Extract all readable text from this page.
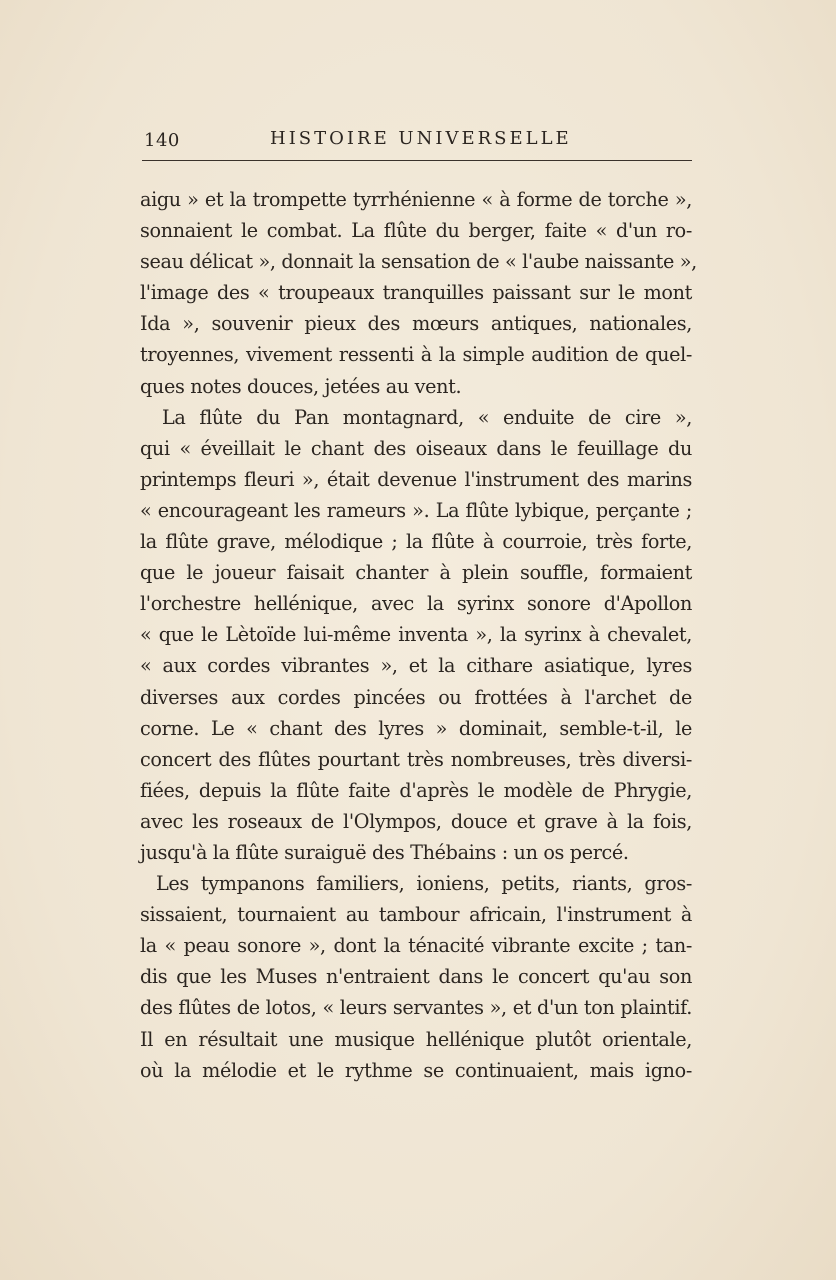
140	HISTOIRE UNIVERSELLE
aigu » et la trompette tyrrhénienne « à forme de torche »,
sonnaient le combat. La flûte du berger, faite « d'un ro-
seau délicat », donnait la sensation de « l'aube naissante »,
l'image des « troupeaux tranquilles paissant sur le mont
Ida », souvenir pieux des mœurs antiques, nationales,
troyennes, vivement ressenti à la simple audition de quel-
ques notes douces, jetées au vent.
La flûte du Pan montagnard, « enduite de cire »,
qui « éveillait le chant des oiseaux dans le feuillage du
printemps fleuri », était devenue l'instrument des marins
« encourageant les rameurs ». La flûte lybique, perçante ;
la flûte grave, mélodique ; la flûte à courroie, très forte,
que le joueur faisait chanter à plein souffle, formaient
l'orchestre hellénique, avec la syrinx sonore d'Apollon
« que le Lètoïde lui-même inventa », la syrinx à chevalet,
« aux cordes vibrantes », et la cithare asiatique, lyres
diverses aux cordes pincées ou frottées à l'archet de
corne. Le « chant des lyres » dominait, semble-t-il, le
concert des flûtes pourtant très nombreuses, très diversi-
fiées, depuis la flûte faite d'après le modèle de Phrygie,
avec les roseaux de l'Olympos, douce et grave à la fois,
jusqu'à la flûte suraiguë des Thébains : un os percé.
Les tympanons familiers, ioniens, petits, riants, gros-
sissaient, tournaient au tambour africain, l'instrument à
la « peau sonore », dont la ténacité vibrante excite ; tan-
dis que les Muses n'entraient dans le concert qu'au son
des flûtes de lotos, « leurs servantes », et d'un ton plaintif.
Il en résultait une musique hellénique plutôt orientale,
où la mélodie et le rythme se continuaient, mais igno-
